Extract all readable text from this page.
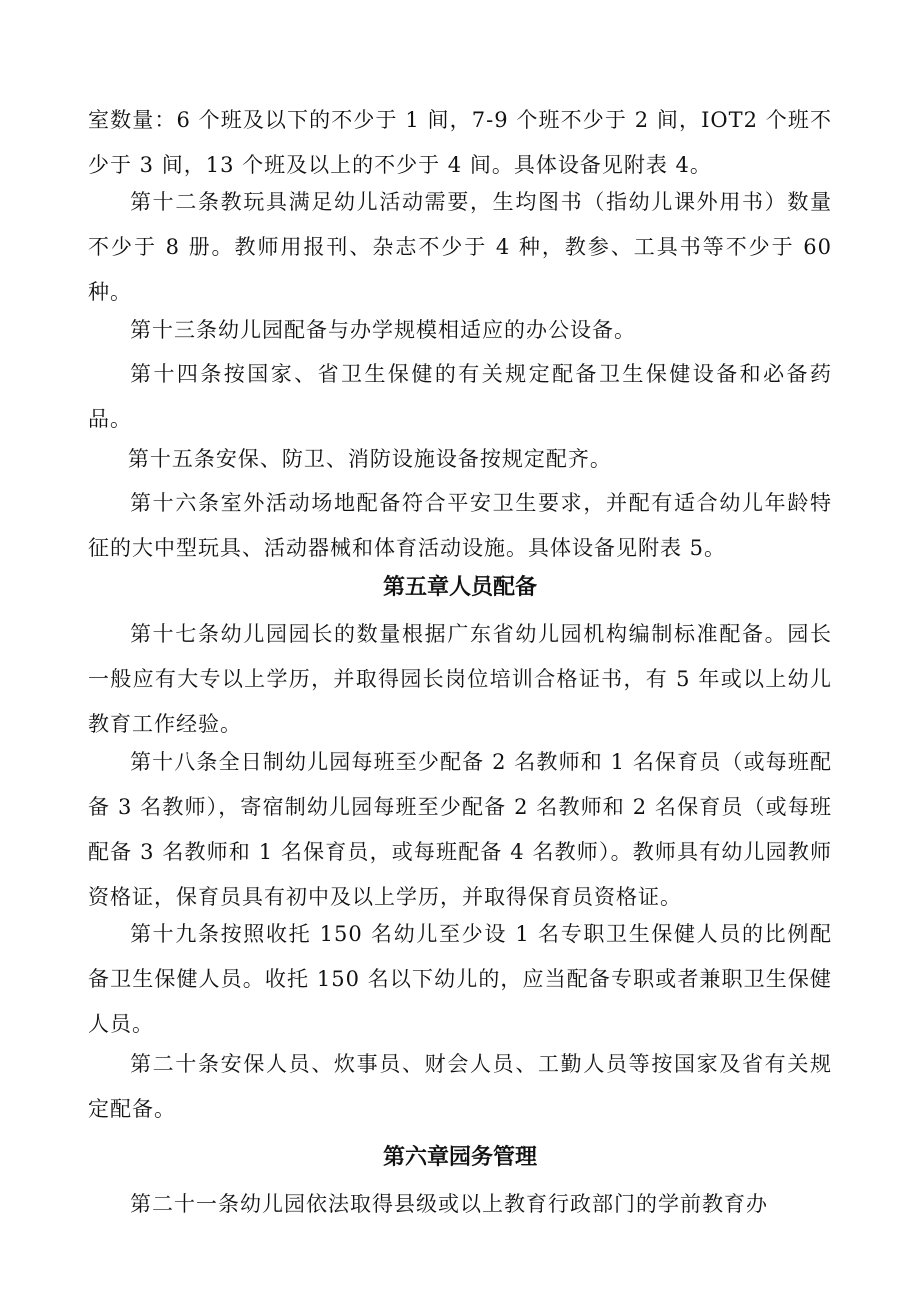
室数量：6 个班及以下的不少于 1 间，7-9 个班不少于 2 间，IOT2 个班不少于 3 间，13 个班及以上的不少于 4 间。具体设备见附表 4。

第十二条教玩具满足幼儿活动需要，生均图书（指幼儿课外用书）数量不少于 8 册。教师用报刊、杂志不少于 4 种，教参、工具书等不少于 60 种。

第十三条幼儿园配备与办学规模相适应的办公设备。

第十四条按国家、省卫生保健的有关规定配备卫生保健设备和必备药品。

第十五条安保、防卫、消防设施设备按规定配齐。

第十六条室外活动场地配备符合平安卫生要求，并配有适合幼儿年龄特征的大中型玩具、活动器械和体育活动设施。具体设备见附表 5。

第五章人员配备

第十七条幼儿园园长的数量根据广东省幼儿园机构编制标准配备。园长一般应有大专以上学历，并取得园长岗位培训合格证书，有 5 年或以上幼儿教育工作经验。

第十八条全日制幼儿园每班至少配备 2 名教师和 1 名保育员（或每班配备 3 名教师），寄宿制幼儿园每班至少配备 2 名教师和 2 名保育员（或每班配备 3 名教师和 1 名保育员，或每班配备 4 名教师）。教师具有幼儿园教师资格证，保育员具有初中及以上学历，并取得保育员资格证。

第十九条按照收托 150 名幼儿至少设 1 名专职卫生保健人员的比例配备卫生保健人员。收托 150 名以下幼儿的，应当配备专职或者兼职卫生保健人员。

第二十条安保人员、炊事员、财会人员、工勤人员等按国家及省有关规定配备。

第六章园务管理

第二十一条幼儿园依法取得县级或以上教育行政部门的学前教育办
